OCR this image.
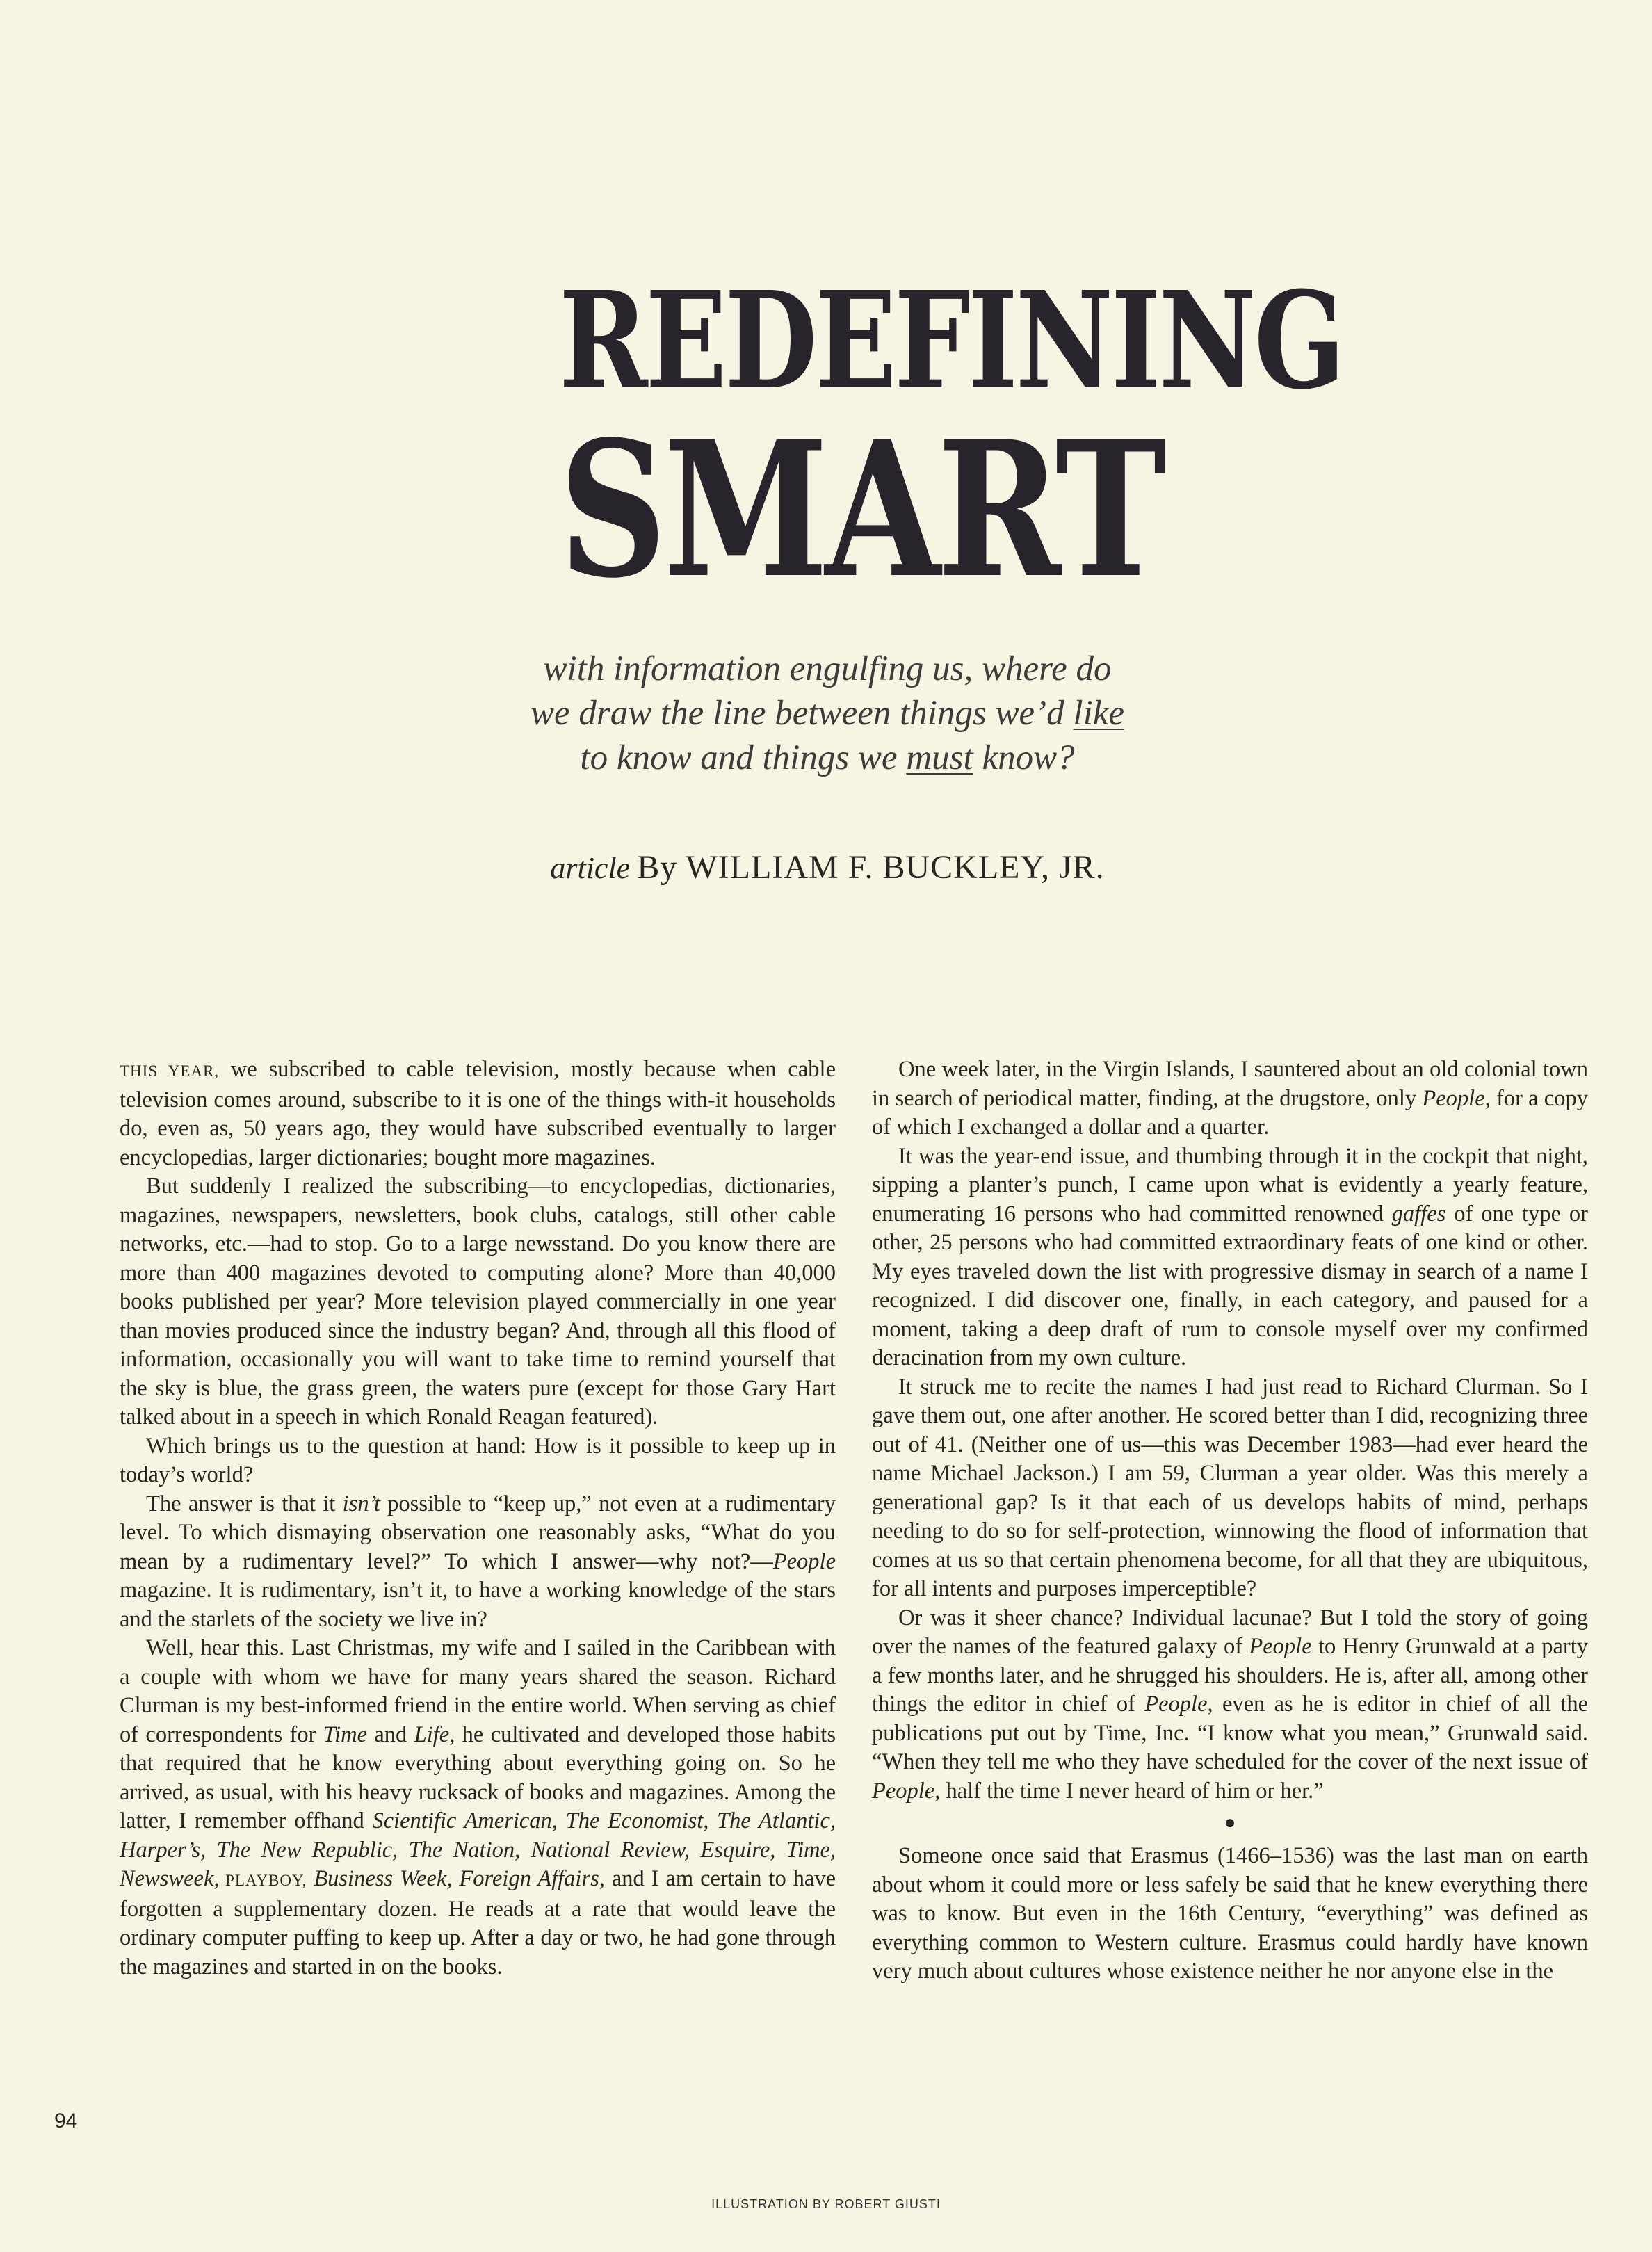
REDEFINING
SMART
with information engulfing us, where do
we draw the line between things we’d like
to know and things we must know?
article By WILLIAM F. BUCKLEY, JR.

THIS YEAR, we subscribed to cable television, mostly because when cable television comes around, subscribe to it is one of the things with-it households do, even as, 50 years ago, they would have subscribed eventually to larger encyclopedias, larger dictionaries; bought more magazines.

But suddenly I realized the subscribing—to encyclopedias, dictionaries, magazines, newspapers, newsletters, book clubs, catalogs, still other cable networks, etc.—had to stop. Go to a large newsstand. Do you know there are more than 400 magazines devoted to computing alone? More than 40,000 books published per year? More television played commercially in one year than movies produced since the industry began? And, through all this flood of information, occasionally you will want to take time to remind yourself that the sky is blue, the grass green, the waters pure (except for those Gary Hart talked about in a speech in which Ronald Reagan featured).

Which brings us to the question at hand: How is it possible to keep up in today’s world?

The answer is that it isn’t possible to “keep up,” not even at a rudimentary level. To which dismaying observation one reasonably asks, “What do you mean by a rudimentary level?” To which I answer—why not?—People magazine. It is rudimentary, isn’t it, to have a working knowledge of the stars and the starlets of the society we live in?

Well, hear this. Last Christmas, my wife and I sailed in the Caribbean with a couple with whom we have for many years shared the season. Richard Clurman is my best-informed friend in the entire world. When serving as chief of correspondents for Time and Life, he cultivated and developed those habits that required that he know everything about everything going on. So he arrived, as usual, with his heavy rucksack of books and magazines. Among the latter, I remember offhand Scientific American, The Economist, The Atlantic, Harper’s, The New Republic, The Nation, National Review, Esquire, Time, Newsweek, PLAYBOY, Business Week, Foreign Affairs, and I am certain to have forgotten a supplementary dozen. He reads at a rate that would leave the ordinary computer puffing to keep up. After a day or two, he had gone through the magazines and started in on the books.

One week later, in the Virgin Islands, I sauntered about an old colonial town in search of periodical matter, finding, at the drugstore, only People, for a copy of which I exchanged a dollar and a quarter.

It was the year-end issue, and thumbing through it in the cockpit that night, sipping a planter’s punch, I came upon what is evidently a yearly feature, enumerating 16 persons who had committed renowned gaffes of one type or other, 25 persons who had committed extraordinary feats of one kind or other. My eyes traveled down the list with progressive dismay in search of a name I recognized. I did discover one, finally, in each category, and paused for a moment, taking a deep draft of rum to console myself over my confirmed deracination from my own culture.

It struck me to recite the names I had just read to Richard Clurman. So I gave them out, one after another. He scored better than I did, recognizing three out of 41. (Neither one of us—this was December 1983—had ever heard the name Michael Jackson.) I am 59, Clurman a year older. Was this merely a generational gap? Is it that each of us develops habits of mind, perhaps needing to do so for self-protection, winnowing the flood of information that comes at us so that certain phenomena become, for all that they are ubiquitous, for all intents and purposes imperceptible?

Or was it sheer chance? Individual lacunae? But I told the story of going over the names of the featured galaxy of People to Henry Grunwald at a party a few months later, and he shrugged his shoulders. He is, after all, among other things the editor in chief of People, even as he is editor in chief of all the publications put out by Time, Inc. “I know what you mean,” Grunwald said. “When they tell me who they have scheduled for the cover of the next issue of People, half the time I never heard of him or her.”

●

Someone once said that Erasmus (1466–1536) was the last man on earth about whom it could more or less safely be said that he knew everything there was to know. But even in the 16th Century, “everything” was defined as everything common to Western culture. Erasmus could hardly have known very much about cultures whose existence neither he nor anyone else in the

94
ILLUSTRATION BY ROBERT GIUSTI
